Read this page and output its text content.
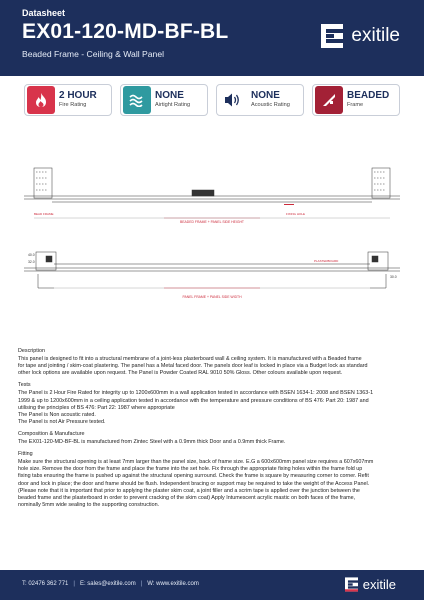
Datasheet
EX01-120-MD-BF-BL
Beaded Frame - Ceiling & Wall Panel
exitile
2 HOUR
Fire Rating
NONE
Airtight Rating
NONE
Acoustic Rating
BEADED
Frame
BEADED FRAME + PANEL SIDE HEIGHT
BEAD FRAME	FIXING HOLE
PANEL FRAME + PANEL SIDE WIDTH
PLASTERBOARD
40.0
32.0
30.0
Description
This panel is designed to fit into a structural membrane of a joint-less plasterboard wall & ceiling system. It is manufactured with a Beaded frame
for tape and jointing / skim-coat plastering. The panel has a Metal faced door. The panels door leaf is locked in place via a Budget lock as standard
other lock options are available upon request. The Panel is Powder Coated RAL 9010 50% Gloss. Other colours available upon request.
Tests
The Panel is 2 Hour Fire Rated for integrity up to 1200x600mm in a wall application tested in accordance with BSEN 1634-1: 2008 and BSEN 1363-1
1999 & up to 1200x600mm in a ceiling application tested in accordance with the temperature and pressure conditions of BS 476: Part 20: 1987 and
utilising the principles of BS 476: Part 22: 1987 where appropriate
The Panel is Non acoustic rated.
The Panel is not Air Pressure tested.
Composition & Manufacture
The EX01-120-MD-BF-BL is manufactured from Zintec Steel with a 0.9mm thick Door and a 0.9mm thick Frame.
Fitting
Make sure the structural opening is at least 7mm larger than the panel size, back of frame size. E.G a 600x600mm panel size requires a 607x607mm
hole size. Remove the door from the frame and place the frame into the set hole. Fix through the appropriate fixing holes within the frame fold up
fixing tabs ensuring the frame is pushed up against the structural opening surround. Check the frame is square by measuring corner to corner. Refit
door and lock in place; the door and frame should be flush. Independent bracing or support may be required to take the weight of the Access Panel.
(Please note that it is important that prior to applying the plaster skim coat, a joint filler and a scrim tape is applied over the junction between the
beaded frame and the plasterboard in order to prevent cracking of the skim coat) Apply Intumescent acrylic mastic on both faces of the frame,
nominally 5mm wide sealing to the supporting construction.
T: 02476 362 771 | E: sales@exitile.com | W: www.exitile.com	exitile
